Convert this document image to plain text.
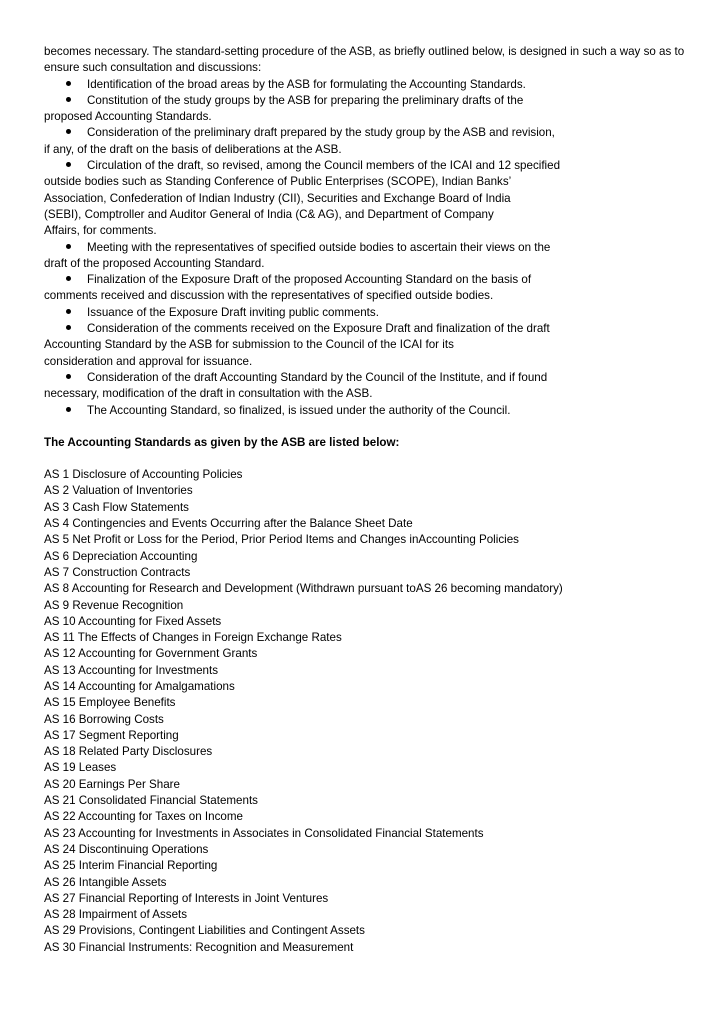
becomes necessary. The standard-setting procedure of the ASB, as briefly outlined below, is designed in such a way so as to ensure such consultation and discussions:

Identification of the broad areas by the ASB for formulating the Accounting Standards.
Constitution of the study groups by the ASB for preparing the preliminary drafts of the
proposed Accounting Standards.
Consideration of the preliminary draft prepared by the study group by the ASB and revision,
if any, of the draft on the basis of deliberations at the ASB.
Circulation of the draft, so revised, among the Council members of the ICAI and 12 specified
outside bodies such as Standing Conference of Public Enterprises (SCOPE), Indian Banks’
Association, Confederation of Indian Industry (CII), Securities and Exchange Board of India
(SEBI), Comptroller and Auditor General of India (C& AG), and Department of Company
Affairs, for comments.
Meeting with the representatives of specified outside bodies to ascertain their views on the
draft of the proposed Accounting Standard.
Finalization of the Exposure Draft of the proposed Accounting Standard on the basis of
comments received and discussion with the representatives of specified outside bodies.
Issuance of the Exposure Draft inviting public comments.
Consideration of the comments received on the Exposure Draft and finalization of the draft
Accounting Standard by the ASB for submission to the Council of the ICAI for its
consideration and approval for issuance.
Consideration of the draft Accounting Standard by the Council of the Institute, and if found
necessary, modification of the draft in consultation with the ASB.
The Accounting Standard, so finalized, is issued under the authority of the Council.

The Accounting Standards as given by the ASB are listed below:

AS 1 Disclosure of Accounting Policies
AS 2 Valuation of Inventories
AS 3 Cash Flow Statements
AS 4 Contingencies and Events Occurring after the Balance Sheet Date
AS 5 Net Profit or Loss for the Period, Prior Period Items and Changes inAccounting Policies
AS 6 Depreciation Accounting
AS 7 Construction Contracts
AS 8 Accounting for Research and Development (Withdrawn pursuant toAS 26 becoming mandatory)
AS 9 Revenue Recognition
AS 10 Accounting for Fixed Assets
AS 11 The Effects of Changes in Foreign Exchange Rates
AS 12 Accounting for Government Grants
AS 13 Accounting for Investments
AS 14 Accounting for Amalgamations
AS 15 Employee Benefits
AS 16 Borrowing Costs
AS 17 Segment Reporting
AS 18 Related Party Disclosures
AS 19 Leases
AS 20 Earnings Per Share
AS 21 Consolidated Financial Statements
AS 22 Accounting for Taxes on Income
AS 23 Accounting for Investments in Associates in Consolidated Financial Statements
AS 24 Discontinuing Operations
AS 25 Interim Financial Reporting
AS 26 Intangible Assets
AS 27 Financial Reporting of Interests in Joint Ventures
AS 28 Impairment of Assets
AS 29 Provisions, Contingent Liabilities and Contingent Assets
AS 30 Financial Instruments: Recognition and Measurement
